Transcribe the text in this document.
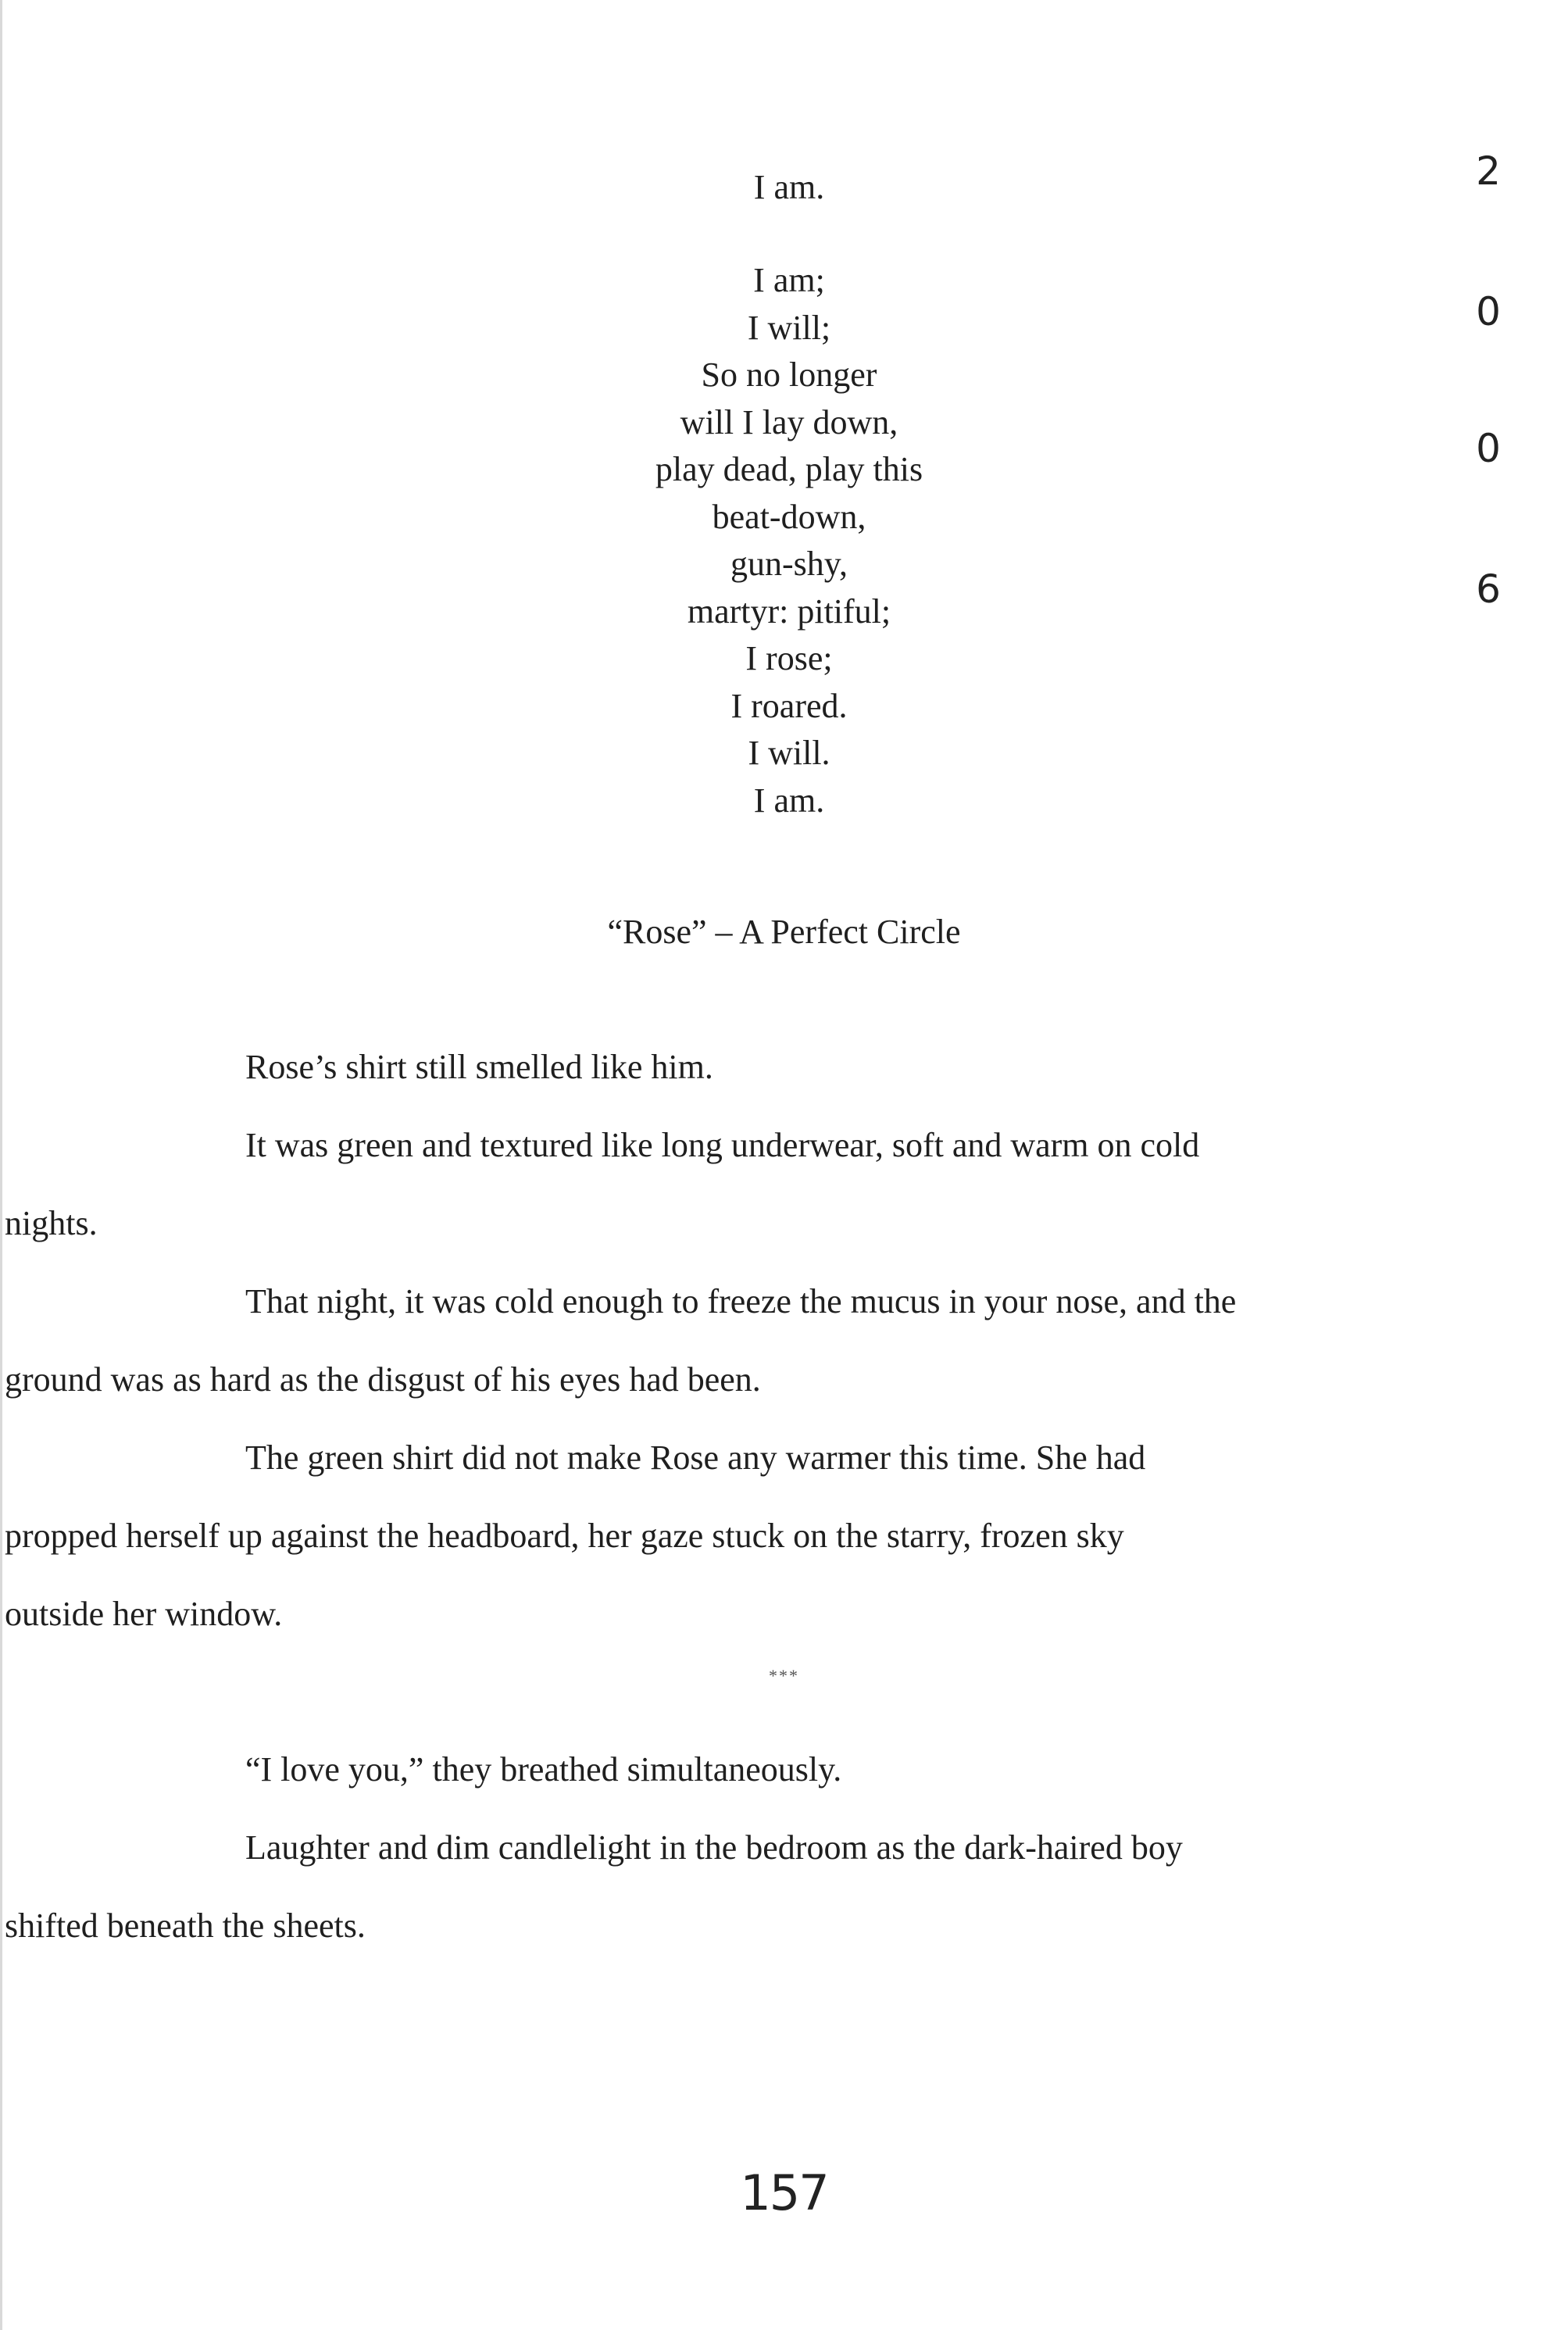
I am.
I am;
I will;
So no longer
will I lay down,
play dead, play this
beat-down,
gun-shy,
martyr: pitiful;
I rose;
I roared.
I will.
I am.
2
0
0
6
“Rose” – A Perfect Circle

Rose’s shirt still smelled like him.

It was green and textured like long underwear, soft and warm on cold
nights.

That night, it was cold enough to freeze the mucus in your nose, and the
ground was as hard as the disgust of his eyes had been.

The green shirt did not make Rose any warmer this time. She had
propped herself up against the headboard, her gaze stuck on the starry, frozen sky
outside her window.

***

“I love you,” they breathed simultaneously.

Laughter and dim candlelight in the bedroom as the dark-haired boy
shifted beneath the sheets.

157
